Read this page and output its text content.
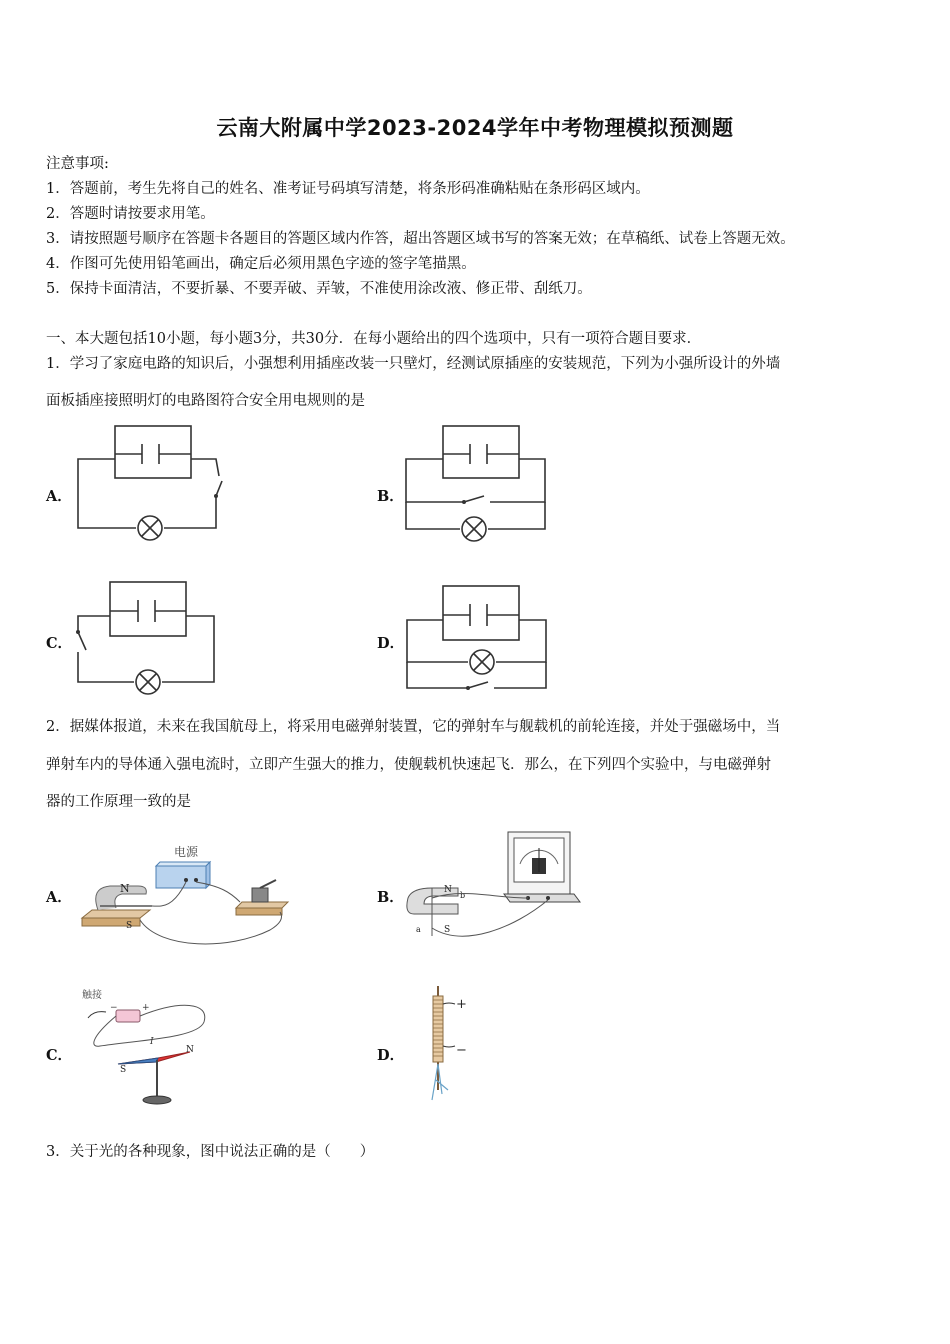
云南大附属中学2023-2024学年中考物理模拟预测题
注意事项:
1．答题前，考生先将自己的姓名、准考证号码填写清楚，将条形码准确粘贴在条形码区域内。
2．答题时请按要求用笔。
3．请按照题号顺序在答题卡各题目的答题区域内作答，超出答题区域书写的答案无效；在草稿纸、试卷上答题无效。
4．作图可先使用铅笔画出，确定后必须用黑色字迹的签字笔描黑。
5．保持卡面清洁，不要折暴、不要弄破、弄皱，不准使用涂改液、修正带、刮纸刀。
一、本大题包括10小题，每小题3分，共30分．在每小题给出的四个选项中，只有一项符合题目要求．
1．学习了家庭电路的知识后，小强想利用插座改装一只壁灯，经测试原插座的安装规范，下列为小强所设计的外墙
面板插座接照明灯的电路图符合安全用电规则的是
A．	B．
C．	D．
2．据媒体报道，未来在我国航母上，将采用电磁弹射装置，它的弹射车与舰载机的前轮连接，并处于强磁场中，当
弹射车内的导体通入强电流时，立即产生强大的推力，使舰载机快速起飞．那么，在下列四个实验中，与电磁弹射
器的工作原理一致的是
A．	B．
C．	D．
电源
N
S
N
S
b
a
触接
−	+
I
S
N
+
−
3．关于光的各种现象，图中说法正确的是（　　）
